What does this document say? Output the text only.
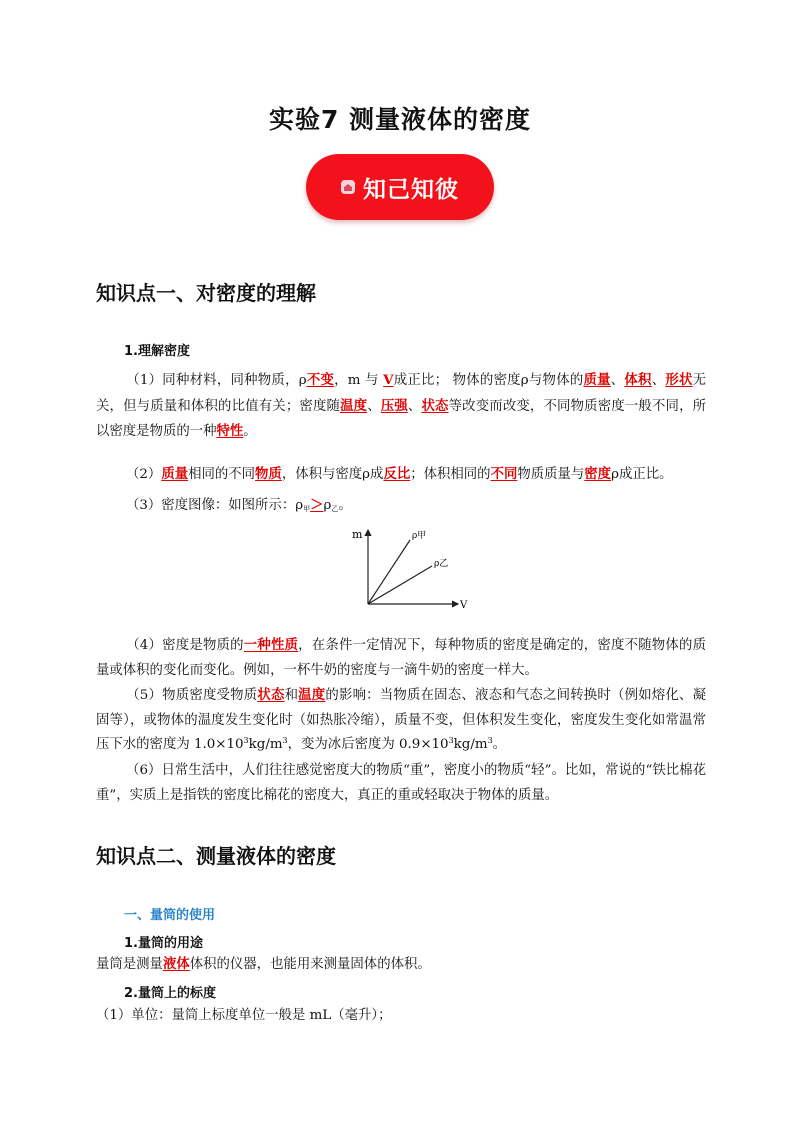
实验7 测量液体的密度
知己知彼
知识点一、对密度的理解
1.理解密度
（1）同种材料，同种物质，ρ不变，m 与 V成正比； 物体的密度ρ与物体的质量、体积、形状无关，但与质量和体积的比值有关；密度随温度、压强、状态等改变而改变，不同物质密度一般不同，所以密度是物质的一种特性。
（2）质量相同的不同物质，体积与密度ρ成反比；体积相同的不同物质质量与密度ρ成正比。
（3）密度图像：如图所示：$\rho_甲>\rho_乙$。
m
V
ρ甲
ρ乙
（4）密度是物质的一种性质，在条件一定情况下，每种物质的密度是确定的，密度不随物体的质量或体积的变化而变化。例如，一杯牛奶的密度与一滴牛奶的密度一样大。
（5）物质密度受物质状态和温度的影响：当物质在固态、液态和气态之间转换时（例如熔化、凝固等），或物体的温度发生变化时（如热胀冷缩），质量不变，但体积发生变化，密度发生变化如常温常压下水的密度为 $1.0\times 10^3kg/m^3$，变为冰后密度为 $0.9\times 10^3kg/m^3$。
（6）日常生活中，人们往往感觉密度大的物质“重”，密度小的物质“轻”。比如，常说的“铁比棉花重”，实质上是指铁的密度比棉花的密度大，真正的重或轻取决于物体的质量。
知识点二、测量液体的密度
一、量筒的使用
1.量筒的用途
量筒是测量液体体积的仪器，也能用来测量固体的体积。
2.量筒上的标度
（1）单位：量筒上标度单位一般是 mL（毫升）；
